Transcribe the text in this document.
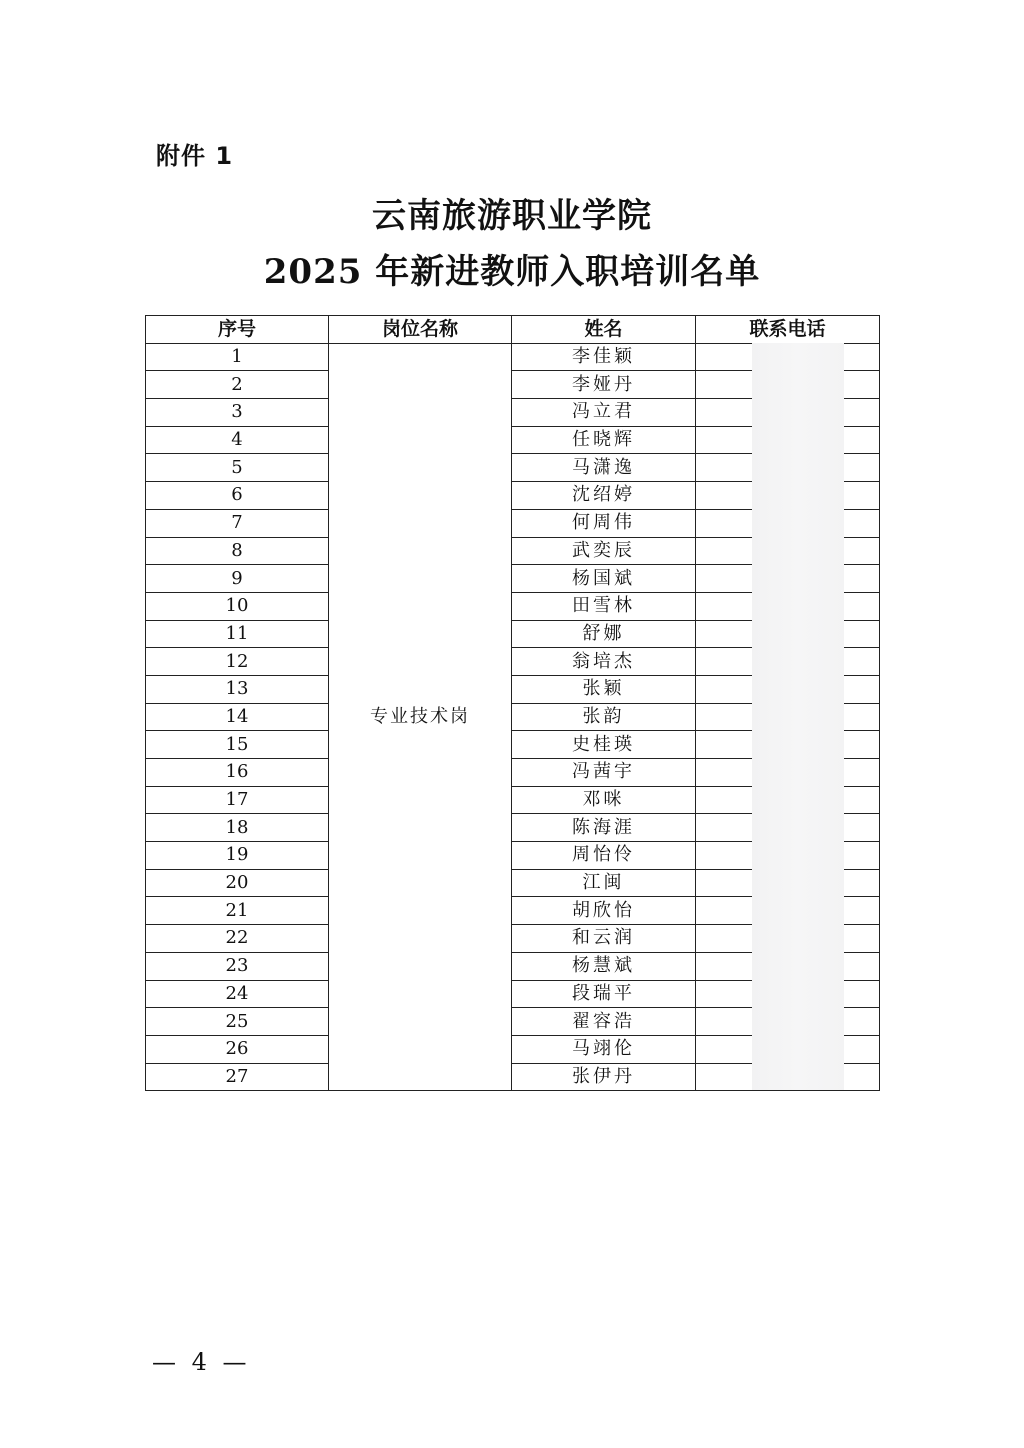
附件 1
云南旅游职业学院
2025 年新进教师入职培训名单
序号	岗位名称	姓名	联系电话
1	专业技术岗	李佳颖	
2		李娅丹	
3		冯立君	
4		任晓辉	
5		马潇逸	
6		沈绍婷	
7		何周伟	
8		武奕辰	
9		杨国斌	
10		田雪林	
11		舒娜	
12		翁培杰	
13		张颖	
14		张韵	
15		史桂瑛	
16		冯茜宇	
17		邓咪	
18		陈海涯	
19		周怡伶	
20		江闽	
21		胡欣怡	
22		和云润	
23		杨慧斌	
24		段瑞平	
25		翟容浩	
26		马翊伦	
27		张伊丹	
— 4 —
